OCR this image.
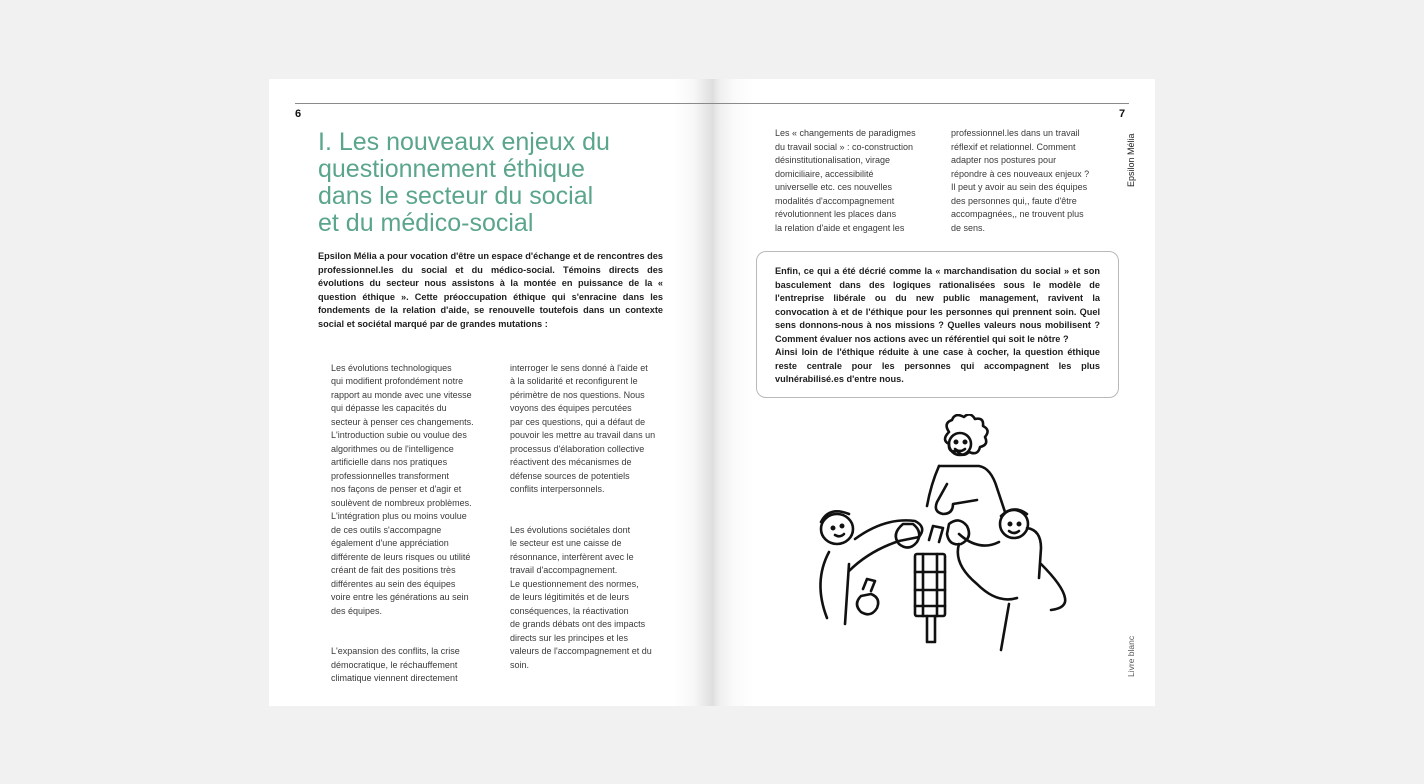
6
I. Les nouveaux enjeux du
questionnement éthique
dans le secteur du social
et du médico-social

Epsilon Mélia a pour vocation d'être un espace d'échange et de rencontres des professionnel.les du social et du médico-social. Témoins directs des évolutions du secteur nous assistons à la montée en puissance de la « question éthique ». Cette préoccupation éthique qui s'enracine dans les fondements de la relation d'aide, se renouvelle toutefois dans un contexte social et sociétal marqué par de grandes mutations :

Les évolutions technologiques
qui modifient profondément notre
rapport au monde avec une vitesse
qui dépasse les capacités du
secteur à penser ces changements.
L'introduction subie ou voulue des
algorithmes ou de l'intelligence
artificielle dans nos pratiques
professionnelles transforment
nos façons de penser et d'agir et
soulèvent de nombreux problèmes.
L'intégration plus ou moins voulue
de ces outils s'accompagne
également d'une appréciation
différente de leurs risques ou utilité
créant de fait des positions très
différentes au sein des équipes
voire entre les générations au sein
des équipes.

L'expansion des conflits, la crise
démocratique, le réchauffement
climatique viennent directement

interroger le sens donné à l'aide et
à la solidarité et reconfigurent le
périmètre de nos questions. Nous
voyons des équipes percutées
par ces questions, qui a défaut de
pouvoir les mettre au travail dans un
processus d'élaboration collective
réactivent des mécanismes de
défense sources de potentiels
conflits interpersonnels.

Les évolutions sociétales dont
le secteur est une caisse de
résonnance, interfèrent avec le
travail d'accompagnement.
Le questionnement des normes,
de leurs légitimités et de leurs
conséquences, la réactivation
de grands débats ont des impacts
directs sur les principes et les
valeurs de l'accompagnement et du
soin.

7
Epsilon Mélia
Livre blanc
Les « changements de paradigmes
du travail social » : co-construction
désinstitutionalisation, virage
domiciliaire, accessibilité
universelle etc. ces nouvelles
modalités d'accompagnement
révolutionnent les places dans
la relation d'aide et engagent les
professionnel.les dans un travail
réflexif et relationnel. Comment
adapter nos postures pour
répondre à ces nouveaux enjeux ?
Il peut y avoir au sein des équipes
des personnes qui,, faute d'être
accompagnées,, ne trouvent plus
de sens.

Enfin, ce qui a été décrié comme la « marchandisation du social » et son basculement dans des logiques rationalisées sous le modèle de l'entreprise libérale ou du new public management, ravivent la convocation à et de l'éthique pour les personnes qui prennent soin. Quel sens donnons-nous à nos missions ? Quelles valeurs nous mobilisent ? Comment évaluer nos actions avec un référentiel qui soit le nôtre ?

Ainsi loin de l'éthique réduite à une case à cocher, la question éthique reste centrale pour les personnes qui accompagnent les plus vulnérabilisé.es d'entre nous.
